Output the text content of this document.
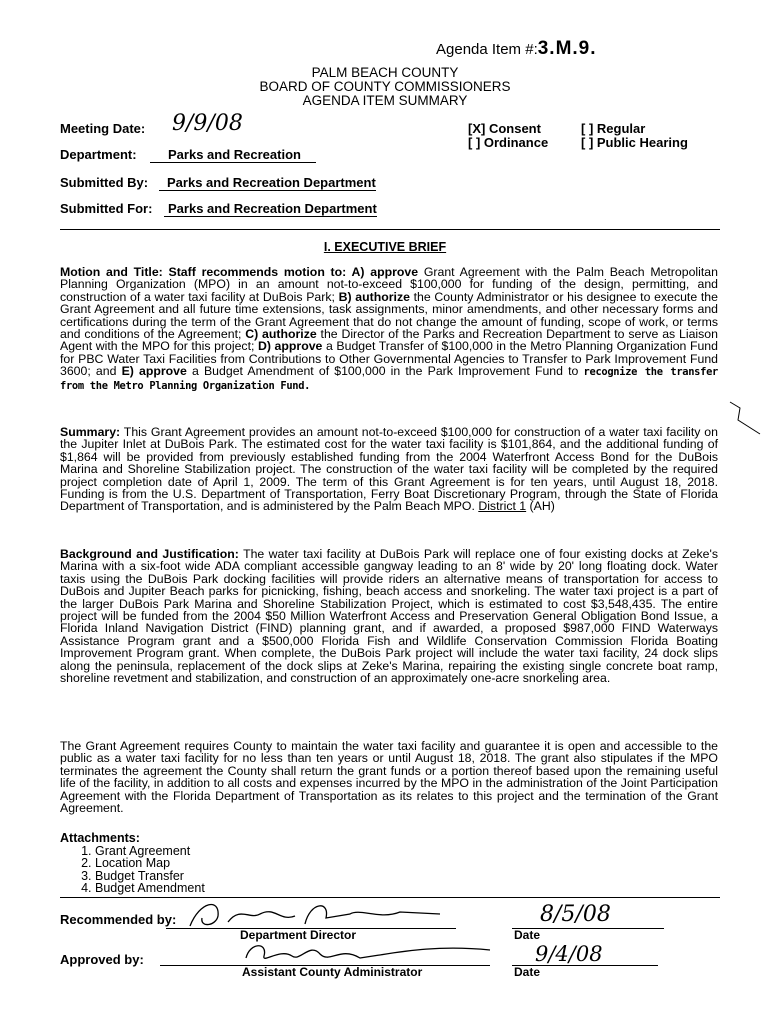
Agenda Item #:3.M.9.
PALM BEACH COUNTY
BOARD OF COUNTY COMMISSIONERS
AGENDA ITEM SUMMARY
Meeting Date: 9/9/08	[X] Consent	[ ] Regular
[ ] Ordinance	[ ] Public Hearing
Department:	Parks and Recreation
Submitted By:	Parks and Recreation Department
Submitted For:	Parks and Recreation Department
I. EXECUTIVE BRIEF
Motion and Title: Staff recommends motion to: A) approve Grant Agreement with the Palm Beach Metropolitan Planning Organization (MPO) in an amount not-to-exceed $100,000 for funding of the design, permitting, and construction of a water taxi facility at DuBois Park; B) authorize the County Administrator or his designee to execute the Grant Agreement and all future time extensions, task assignments, minor amendments, and other necessary forms and certifications during the term of the Grant Agreement that do not change the amount of funding, scope of work, or terms and conditions of the Agreement; C) authorize the Director of the Parks and Recreation Department to serve as Liaison Agent with the MPO for this project; D) approve a Budget Transfer of $100,000 in the Metro Planning Organization Fund for PBC Water Taxi Facilities from Contributions to Other Governmental Agencies to Transfer to Park Improvement Fund 3600; and E) approve a Budget Amendment of $100,000 in the Park Improvement Fund to recognize the transfer from the Metro Planning Organization Fund.
Summary: This Grant Agreement provides an amount not-to-exceed $100,000 for construction of a water taxi facility on the Jupiter Inlet at DuBois Park. The estimated cost for the water taxi facility is $101,864, and the additional funding of $1,864 will be provided from previously established funding from the 2004 Waterfront Access Bond for the DuBois Marina and Shoreline Stabilization project. The construction of the water taxi facility will be completed by the required project completion date of April 1, 2009. The term of this Grant Agreement is for ten years, until August 18, 2018. Funding is from the U.S. Department of Transportation, Ferry Boat Discretionary Program, through the State of Florida Department of Transportation, and is administered by the Palm Beach MPO. District 1 (AH)
Background and Justification: The water taxi facility at DuBois Park will replace one of four existing docks at Zeke's Marina with a six-foot wide ADA compliant accessible gangway leading to an 8' wide by 20' long floating dock. Water taxis using the DuBois Park docking facilities will provide riders an alternative means of transportation for access to DuBois and Jupiter Beach parks for picnicking, fishing, beach access and snorkeling. The water taxi project is a part of the larger DuBois Park Marina and Shoreline Stabilization Project, which is estimated to cost $3,548,435. The entire project will be funded from the 2004 $50 Million Waterfront Access and Preservation General Obligation Bond Issue, a Florida Inland Navigation District (FIND) planning grant, and if awarded, a proposed $987,000 FIND Waterways Assistance Program grant and a $500,000 Florida Fish and Wildlife Conservation Commission Florida Boating Improvement Program grant. When complete, the DuBois Park project will include the water taxi facility, 24 dock slips along the peninsula, replacement of the dock slips at Zeke's Marina, repairing the existing single concrete boat ramp, shoreline revetment and stabilization, and construction of an approximately one-acre snorkeling area.
The Grant Agreement requires County to maintain the water taxi facility and guarantee it is open and accessible to the public as a water taxi facility for no less than ten years or until August 18, 2018. The grant also stipulates if the MPO terminates the agreement the County shall return the grant funds or a portion thereof based upon the remaining useful life of the facility, in addition to all costs and expenses incurred by the MPO in the administration of the Joint Participation Agreement with the Florida Department of Transportation as its relates to this project and the termination of the Grant Agreement.
Attachments:
1. Grant Agreement
2. Location Map
3. Budget Transfer
4. Budget Amendment
Recommended by:
Department Director
8/5/08
Date
Approved by:
Assistant County Administrator
9/4/08
Date
